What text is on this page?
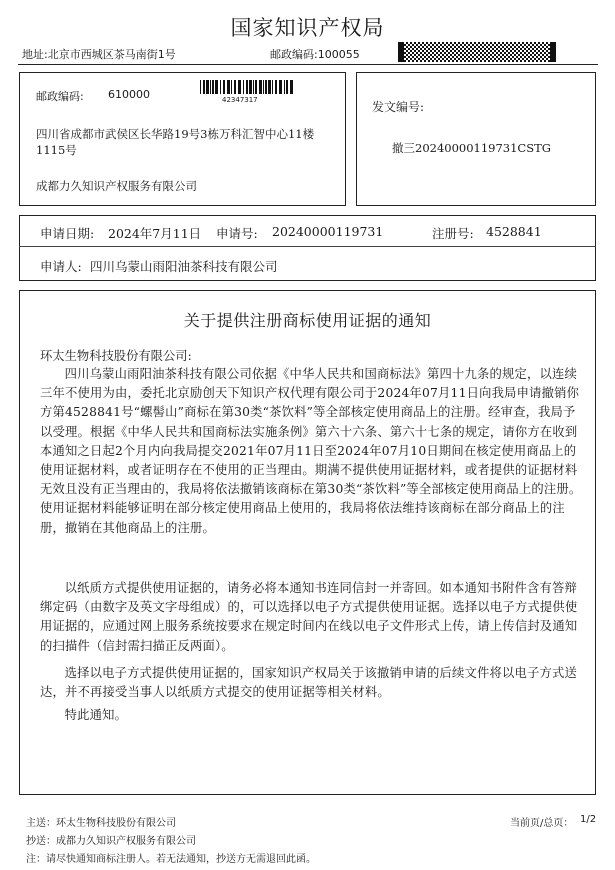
国家知识产权局
地址:北京市西城区茶马南街1号	邮政编码:100055
邮政编码: 610000	42347317
四川省成都市武侯区长华路19号3栋万科汇智中心11楼
1115号
成都力久知识产权服务有限公司
发文编号:
撤三20240000119731CSTG
申请日期: 2024年7月11日 申请号: 20240000119731	注册号: 4528841
申请人: 四川乌蒙山雨阳油茶科技有限公司
关于提供注册商标使用证据的通知
环太生物科技股份有限公司:

四川乌蒙山雨阳油茶科技有限公司依据《中华人民共和国商标法》第四十九条的规定，以连续三年不使用为由，委托北京励创天下知识产权代理有限公司于2024年07月11日向我局申请撤销你方第4528841号“螺髻山”商标在第30类“茶饮料”等全部核定使用商品上的注册。经审查，我局予以受理。根据《中华人民共和国商标法实施条例》第六十六条、第六十七条的规定，请你方在收到本通知之日起2个月内向我局提交2021年07月11日至2024年07月10日期间在核定使用商品上的使用证据材料，或者证明存在不使用的正当理由。期满不提供使用证据材料，或者提供的证据材料无效且没有正当理由的，我局将依法撤销该商标在第30类“茶饮料”等全部核定使用商品上的注册。使用证据材料能够证明在部分核定使用商品上使用的，我局将依法维持该商标在部分商品上的注册，撤销在其他商品上的注册。

以纸质方式提供使用证据的，请务必将本通知书连同信封一并寄回。如本通知书附件含有答辩绑定码（由数字及英文字母组成）的，可以选择以电子方式提供使用证据。选择以电子方式提供使用证据的，应通过网上服务系统按要求在规定时间内在线以电子文件形式上传，请上传信封及通知的扫描件（信封需扫描正反两面）。

选择以电子方式提供使用证据的，国家知识产权局关于该撤销申请的后续文件将以电子方式送达，并不再接受当事人以纸质方式提交的使用证据等相关材料。

特此通知。

主送：环太生物科技股份有限公司	当前页/总页： 1/2
抄送：成都力久知识产权服务有限公司
注：请尽快通知商标注册人。若无法通知，抄送方无需退回此函。
